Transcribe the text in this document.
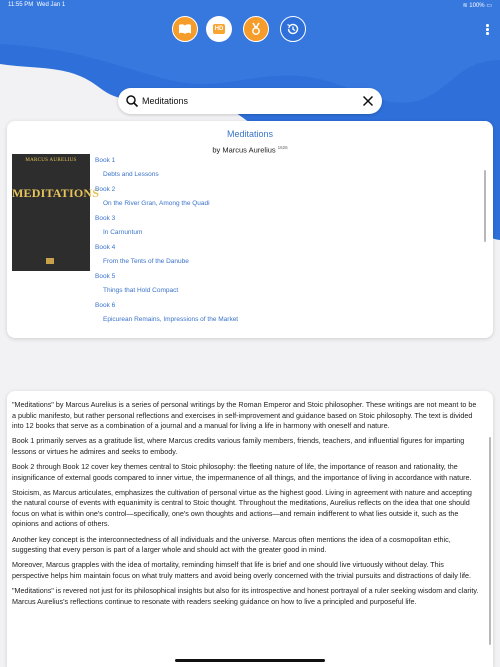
11:55 PM Wed Jan 1	≋ 100% ▭
HD
Meditations
Meditations
by Marcus Aurelius $^{1626}$
MARCUS AURELIUS
MEDITATIONS
Book 1
Debts and Lessons
Book 2
On the River Gran, Among the Quadi
Book 3
In Carnuntum
Book 4
From the Tents of the Danube
Book 5
Things that Hold Compact
Book 6
Epicurean Remains, Impressions of the Market

"Meditations" by Marcus Aurelius is a series of personal writings by the Roman Emperor and Stoic philosopher. These writings are not meant to be a public manifesto, but rather personal reflections and exercises in self-improvement and guidance based on Stoic philosophy. The text is divided into 12 books that serve as a combination of a journal and a manual for living a life in harmony with oneself and nature.

Book 1 primarily serves as a gratitude list, where Marcus credits various family members, friends, teachers, and influential figures for imparting lessons or virtues he admires and seeks to embody.

Book 2 through Book 12 cover key themes central to Stoic philosophy: the fleeting nature of life, the importance of reason and rationality, the insignificance of external goods compared to inner virtue, the impermanence of all things, and the importance of living in accordance with nature.

Stoicism, as Marcus articulates, emphasizes the cultivation of personal virtue as the highest good. Living in agreement with nature and accepting the natural course of events with equanimity is central to Stoic thought. Throughout the meditations, Aurelius reflects on the idea that one should focus on what is within one's control—specifically, one's own thoughts and actions—and remain indifferent to what lies outside it, such as the opinions and actions of others.

Another key concept is the interconnectedness of all individuals and the universe. Marcus often mentions the idea of a cosmopolitan ethic, suggesting that every person is part of a larger whole and should act with the greater good in mind.

Moreover, Marcus grapples with the idea of mortality, reminding himself that life is brief and one should live virtuously without delay. This perspective helps him maintain focus on what truly matters and avoid being overly concerned with the trivial pursuits and distractions of daily life.

"Meditations" is revered not just for its philosophical insights but also for its introspective and honest portrayal of a ruler seeking wisdom and clarity. Marcus Aurelius's reflections continue to resonate with readers seeking guidance on how to live a principled and purposeful life.
